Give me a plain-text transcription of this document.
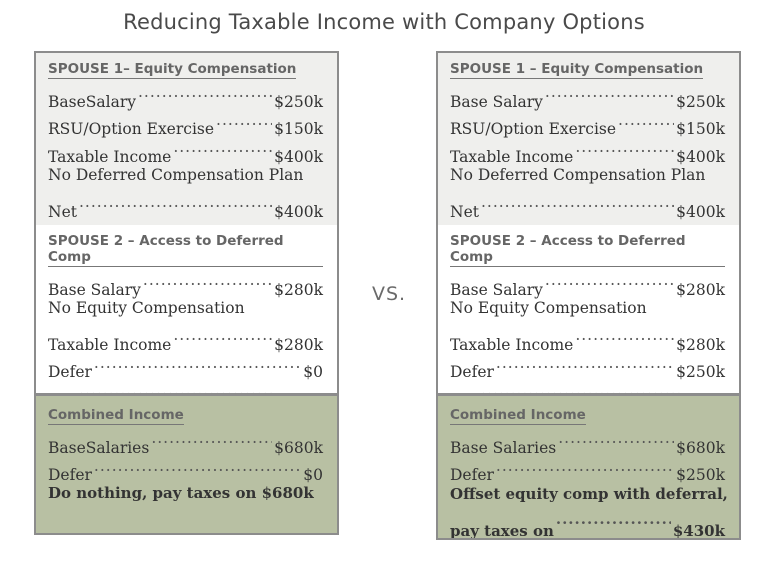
Reducing Taxable Income with Company Options
VS.
SPOUSE 1– Equity Compensation
BaseSalary .....	$250k
RSU/Option Exercise .....	$150k
Taxable Income .....	$400k
No Deferred Compensation Plan
Net .....	$400k
SPOUSE 2 – Access to Deferred Comp
Base Salary .....	$280k
No Equity Compensation
Taxable Income .....	$280k
Defer .....	$0
.....
Combined Income
BaseSalaries .....	$680k
Defer .....	$0
Do nothing, pay taxes on $680k
SPOUSE 1 – Equity Compensation
Base Salary .....	$250k
RSU/Option Exercise .....	$150k
Taxable Income .....	$400k
No Deferred Compensation Plan
Net .....	$400k
SPOUSE 2 – Access to Deferred Comp
Base Salary .....	$280k
No Equity Compensation
Taxable Income .....	$280k
Defer .....	$250k
.....
Combined Income
Base Salaries .....	$680k
Defer .....	$250k
Offset equity comp with deferral,
pay taxes on .....	$430k
